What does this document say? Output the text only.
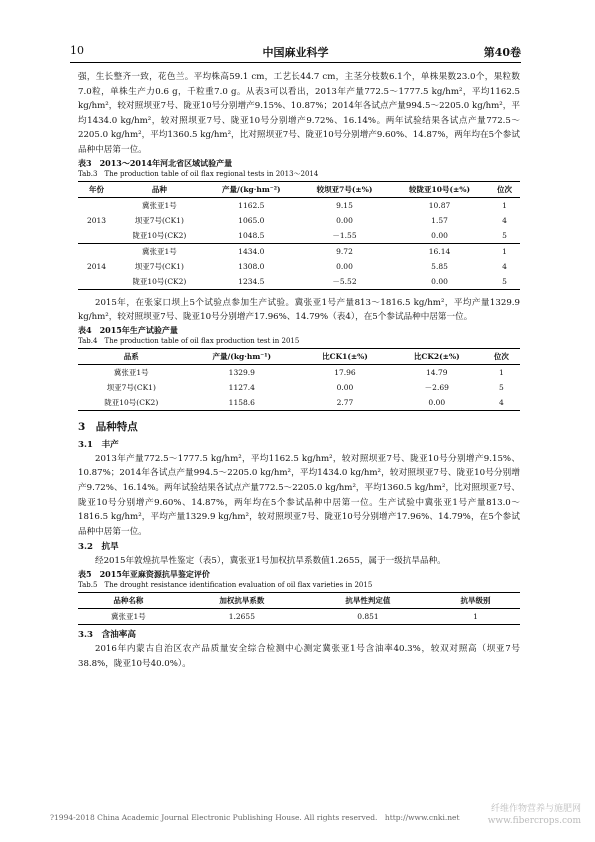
10	中国麻业科学	第40卷

强，生长整齐一致，花色兰。平均株高59.1 cm，工艺长44.7 cm，主茎分枝数6.1个，单株果数23.0个，果粒数7.0粒，单株生产力0.6 g，千粒重7.0 g。从表3可以看出，2013年产量772.5～1777.5 kg/hm²，平均1162.5 kg/hm²，较对照坝亚7号、陇亚10号分别增产9.15%、10.87%；2014年各试点产量994.5～2205.0 kg/hm²，平均1434.0 kg/hm²，较对照坝亚7号、陇亚10号分别增产9.72%、16.14%。两年试验结果各试点产量772.5～2205.0 kg/hm²，平均1360.5 kg/hm²，比对照坝亚7号、陇亚10号分别增产9.60%、14.87%，两年均在5个参试品种中居第一位。

表3　2013～2014年河北省区域试验产量

Tab.3　The production table of oil flax regional tests in 2013～2014

年份	品种	产量/(kg·hm⁻²)	较坝亚7号(±%)	较陇亚10号(±%)	位次
	冀张亚1号	1162.5	9.15	10.87	1
2013	坝亚7号(CK1)	1065.0	0.00	1.57	4
	陇亚10号(CK2)	1048.5	－1.55	0.00	5
	冀张亚1号	1434.0	9.72	16.14	1
2014	坝亚7号(CK1)	1308.0	0.00	5.85	4
	陇亚10号(CK2)	1234.5	－5.52	0.00	5

2015年，在张家口坝上5个试验点参加生产试验。冀张亚1号产量813～1816.5 kg/hm²，平均产量1329.9 kg/hm²，较对照坝亚7号、陇亚10号分别增产17.96%、14.79%（表4），在5个参试品种中居第一位。

表4　2015年生产试验产量

Tab.4　The production table of oil flax production test in 2015

品系	产量/(kg·hm⁻¹)	比CK1(±%)	比CK2(±%)	位次
冀张亚1号	1329.9	17.96	14.79	1
坝亚7号(CK1)	1127.4	0.00	－2.69	5
陇亚10号(CK2)	1158.6	2.77	0.00	4
3　品种特点
3.1　丰产

2013年产量772.5～1777.5 kg/hm²，平均1162.5 kg/hm²，较对照坝亚7号、陇亚10号分别增产9.15%、10.87%；2014年各试点产量994.5～2205.0 kg/hm²，平均1434.0 kg/hm²，较对照坝亚7号、陇亚10号分别增产9.72%、16.14%。两年试验结果各试点产量772.5～2205.0 kg/hm²，平均1360.5 kg/hm²，比对照坝亚7号、陇亚10号分别增产9.60%、14.87%，两年均在5个参试品种中居第一位。生产试验中冀张亚1号产量813.0～1816.5 kg/hm²，平均产量1329.9 kg/hm²，较对照坝亚7号、陇亚10号分别增产17.96%、14.79%，在5个参试品种中居第一位。

3.2　抗旱

经2015年敦煌抗旱性鉴定（表5），冀张亚1号加权抗旱系数值1.2655，属于一级抗旱品种。

表5　2015年亚麻资源抗旱鉴定评价

Tab.5　The drought resistance identification evaluation of oil flax varieties in 2015

品种名称	加权抗旱系数	抗旱性判定值	抗旱级别
冀张亚1号	1.2655	0.851	1
3.3　含油率高

2016年内蒙古自治区农产品质量安全综合检测中心测定冀张亚1号含油率40.3%，较双对照高（坝亚7号38.8%，陇亚10号40.0%）。

?1994-2018 China Academic Journal Electronic Publishing House. All rights reserved.　http://www.cnki.net
纤维作物营养与施肥网
www.fibercrops.com
